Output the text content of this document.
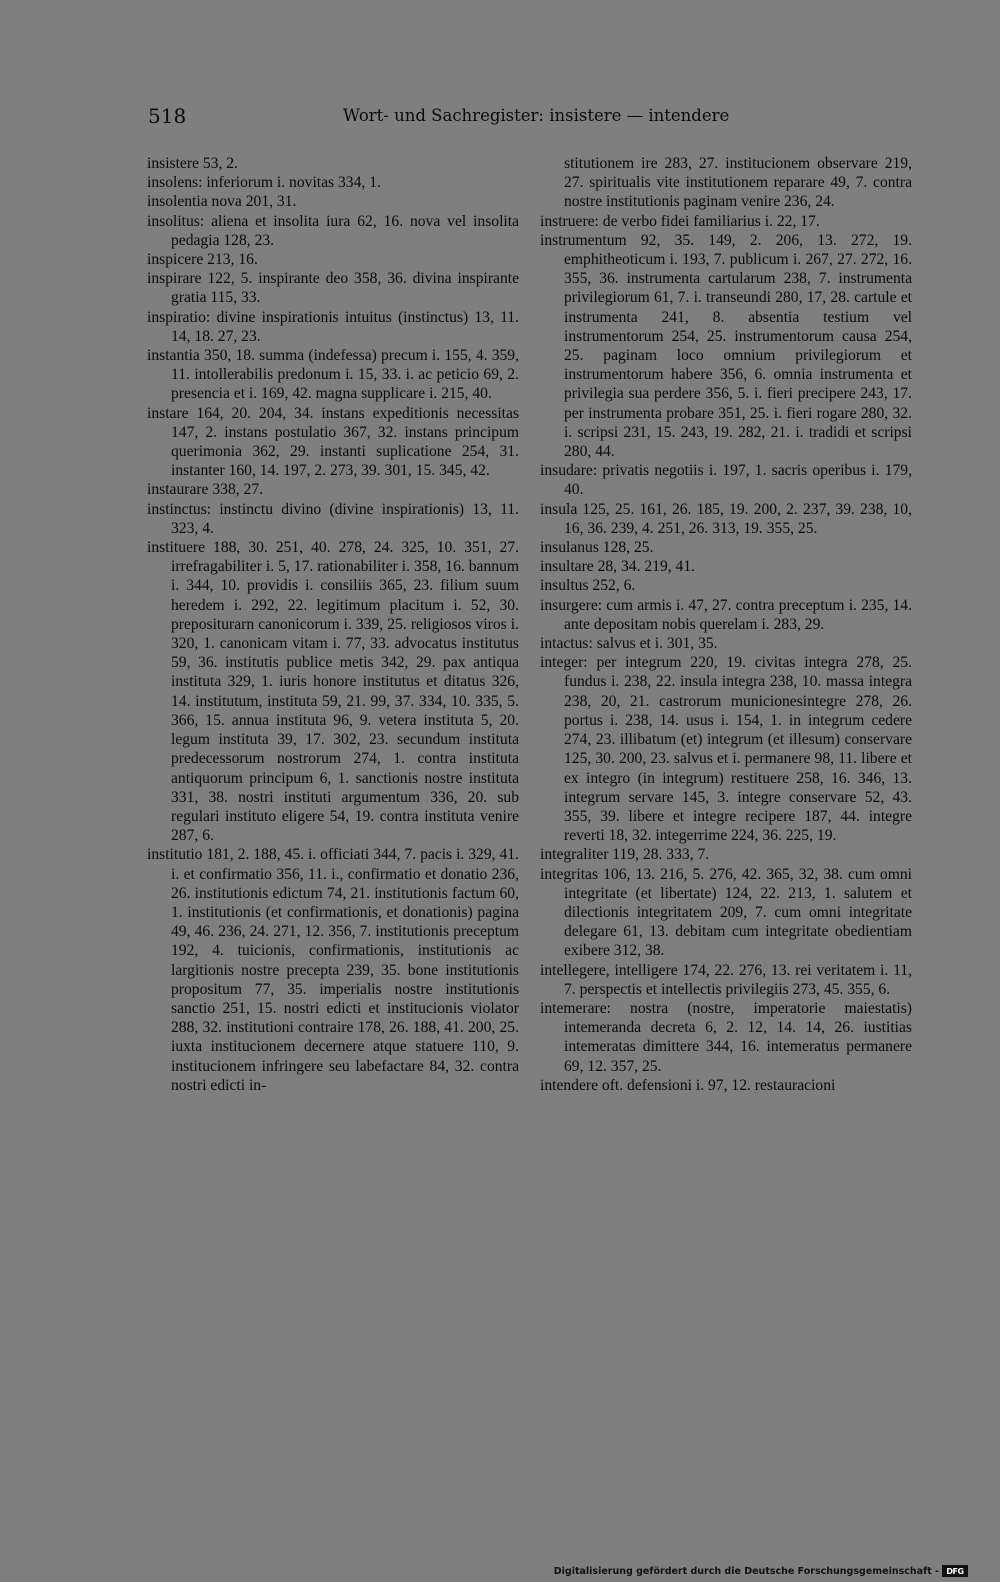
518	Wort- und Sachregister: insistere — intendere

insistere 53, 2.

insolens: inferiorum i. novitas 334, 1.

insolentia nova 201, 31.

insolitus: aliena et insolita iura 62, 16. nova vel insolita pedagia 128, 23.

inspicere 213, 16.

inspirare 122, 5. inspirante deo 358, 36. divina inspirante gratia 115, 33.

inspiratio: divine inspirationis intuitus (instinctus) 13, 11. 14, 18. 27, 23.

instantia 350, 18. summa (indefessa) precum i. 155, 4. 359, 11. intollerabilis predonum i. 15, 33. i. ac peticio 69, 2. presencia et i. 169, 42. magna supplicare i. 215, 40.

instare 164, 20. 204, 34. instans expeditionis necessitas 147, 2. instans postulatio 367, 32. instans principum querimonia 362, 29. instanti suplicatione 254, 31. instanter 160, 14. 197, 2. 273, 39. 301, 15. 345, 42.

instaurare 338, 27.

instinctus: instinctu divino (divine inspirationis) 13, 11. 323, 4.

instituere 188, 30. 251, 40. 278, 24. 325, 10. 351, 27. irrefragabiliter i. 5, 17. rationabiliter i. 358, 16. bannum i. 344, 10. providis i. consiliis 365, 23. filium suum heredem i. 292, 22. legitimum placitum i. 52, 30. prepositurarn canonicorum i. 339, 25. religiosos viros i. 320, 1. canonicam vitam i. 77, 33. advocatus institutus 59, 36. institutis publice metis 342, 29. pax antiqua instituta 329, 1. iuris honore institutus et ditatus 326, 14. institutum, instituta 59, 21. 99, 37. 334, 10. 335, 5. 366, 15. annua instituta 96, 9. vetera instituta 5, 20. legum instituta 39, 17. 302, 23. secundum instituta predecessorum nostrorum 274, 1. contra instituta antiquorum principum 6, 1. sanctionis nostre instituta 331, 38. nostri instituti argumentum 336, 20. sub regulari instituto eligere 54, 19. contra instituta venire 287, 6.

institutio 181, 2. 188, 45. i. officiati 344, 7. pacis i. 329, 41. i. et confirmatio 356, 11. i., confirmatio et donatio 236, 26. institutionis edictum 74, 21. institutionis factum 60, 1. institutionis (et confirmationis, et donationis) pagina 49, 46. 236, 24. 271, 12. 356, 7. institutionis preceptum 192, 4. tuicionis, confirmationis, institutionis ac largitionis nostre precepta 239, 35. bone institutionis propositum 77, 35. imperialis nostre institutionis sanctio 251, 15. nostri edicti et institucionis violator 288, 32. institutioni contraire 178, 26. 188, 41. 200, 25. iuxta institucionem decernere atque statuere 110, 9. institucionem infringere seu labefactare 84, 32. contra nostri edicti in-

stitutionem ire 283, 27. institucionem observare 219, 27. spiritualis vite institutionem reparare 49, 7. contra nostre institutionis paginam venire 236, 24.

instruere: de verbo fidei familiarius i. 22, 17.

instrumentum 92, 35. 149, 2. 206, 13. 272, 19. emphitheoticum i. 193, 7. publicum i. 267, 27. 272, 16. 355, 36. instrumenta cartularum 238, 7. instrumenta privilegiorum 61, 7. i. transeundi 280, 17, 28. cartule et instrumenta 241, 8. absentia testium vel instrumentorum 254, 25. instrumentorum causa 254, 25. paginam loco omnium privilegiorum et instrumentorum habere 356, 6. omnia instrumenta et privilegia sua perdere 356, 5. i. fieri precipere 243, 17. per instrumenta probare 351, 25. i. fieri rogare 280, 32. i. scripsi 231, 15. 243, 19. 282, 21. i. tradidi et scripsi 280, 44.

insudare: privatis negotiis i. 197, 1. sacris operibus i. 179, 40.

insula 125, 25. 161, 26. 185, 19. 200, 2. 237, 39. 238, 10, 16, 36. 239, 4. 251, 26. 313, 19. 355, 25.

insulanus 128, 25.

insultare 28, 34. 219, 41.

insultus 252, 6.

insurgere: cum armis i. 47, 27. contra preceptum i. 235, 14. ante depositam nobis querelam i. 283, 29.

intactus: salvus et i. 301, 35.

integer: per integrum 220, 19. civitas integra 278, 25. fundus i. 238, 22. insula integra 238, 10. massa integra 238, 20, 21. castrorum municionesintegre 278, 26. portus i. 238, 14. usus i. 154, 1. in integrum cedere 274, 23. illibatum (et) integrum (et illesum) conservare 125, 30. 200, 23. salvus et i. permanere 98, 11. libere et ex integro (in integrum) restituere 258, 16. 346, 13. integrum servare 145, 3. integre conservare 52, 43. 355, 39. libere et integre recipere 187, 44. integre reverti 18, 32. integerrime 224, 36. 225, 19.

integraliter 119, 28. 333, 7.

integritas 106, 13. 216, 5. 276, 42. 365, 32, 38. cum omni integritate (et libertate) 124, 22. 213, 1. salutem et dilectionis integritatem 209, 7. cum omni integritate delegare 61, 13. debitam cum integritate obedientiam exibere 312, 38.

intellegere, intelligere 174, 22. 276, 13. rei veritatem i. 11, 7. perspectis et intellectis privilegiis 273, 45. 355, 6.

intemerare: nostra (nostre, imperatorie maiestatis) intemeranda decreta 6, 2. 12, 14. 14, 26. iustitias intemeratas dimittere 344, 16. intemeratus permanere 69, 12. 357, 25.

intendere oft. defensioni i. 97, 12. restauracioni

Digitalisierung gefördert durch die Deutsche Forschungsgemeinschaft - DFG
